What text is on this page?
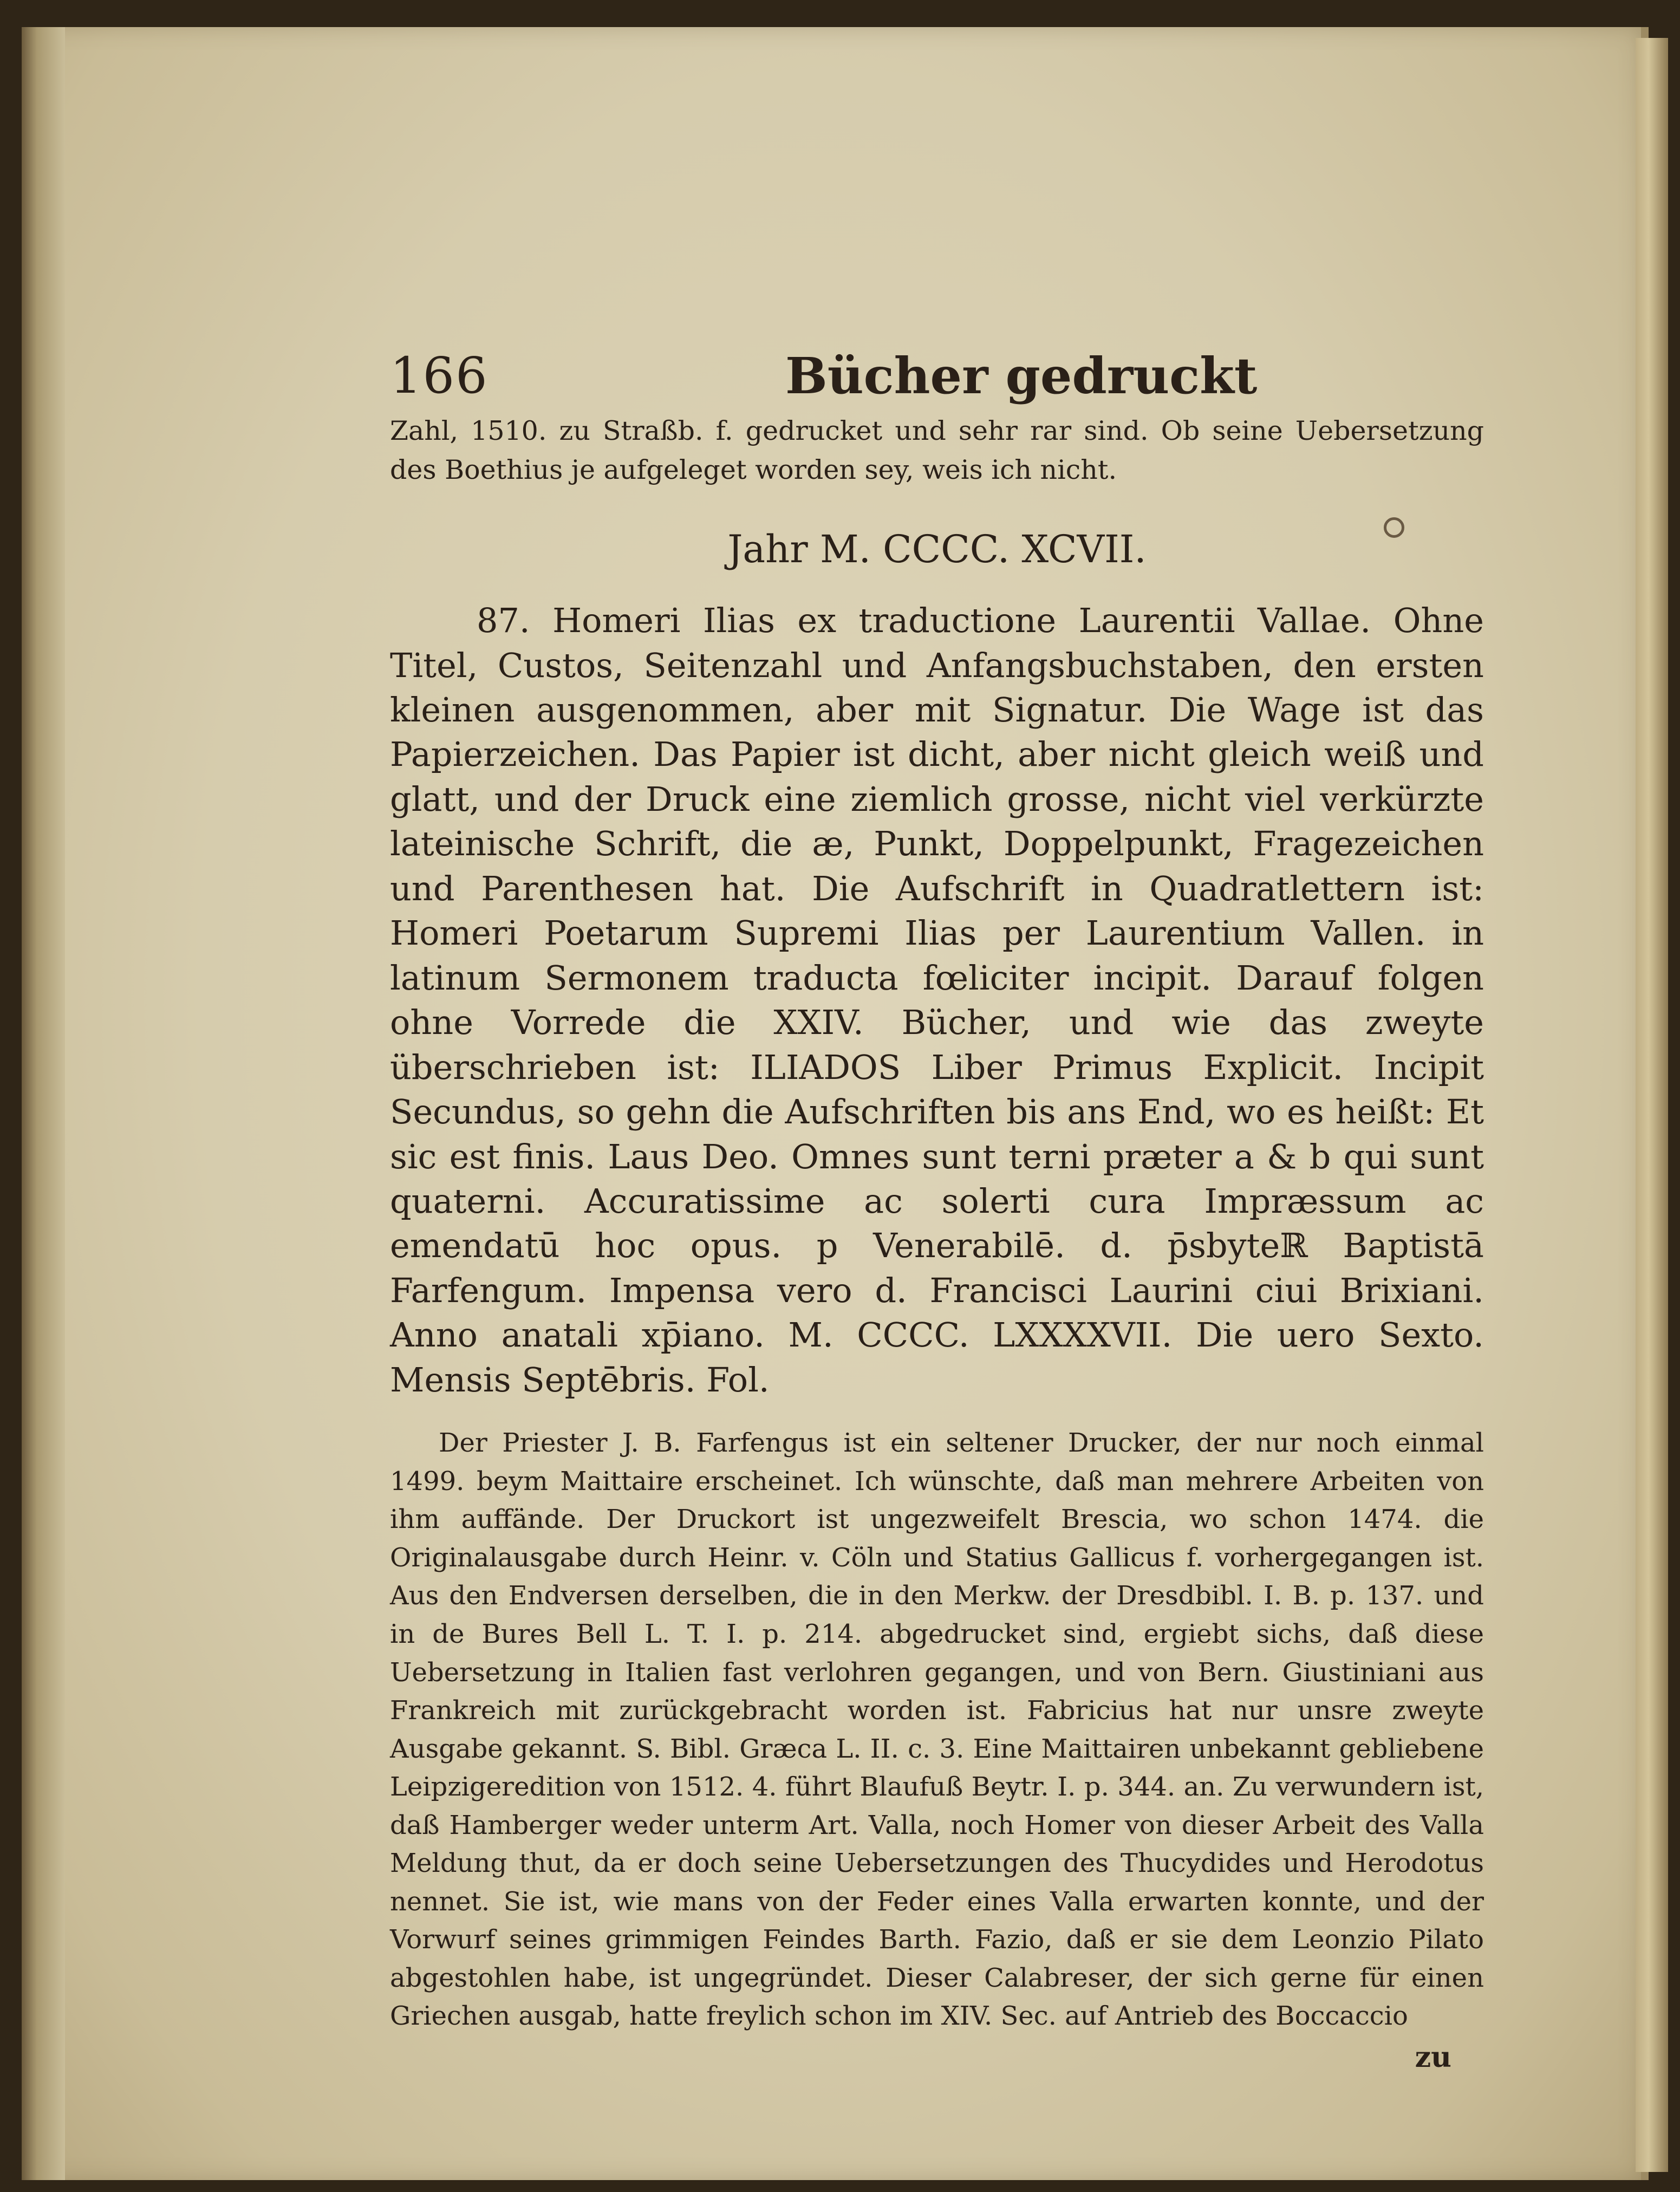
166	Bücher gedruckt

Zahl, 1510. zu Straßb. f. gedrucket und sehr rar sind. Ob seine Uebersetzung des Boethius je aufgeleget worden sey, weis ich nicht.

Jahr M. CCCC. XCVII.

87. Homeri Ilias ex traductione Laurentii Vallae. Ohne Titel, Custos, Seitenzahl und Anfangsbuchstaben, den ersten kleinen ausgenommen, aber mit Signatur. Die Wage ist das Papierzeichen. Das Papier ist dicht, aber nicht gleich weiß und glatt, und der Druck eine ziemlich grosse, nicht viel verkürzte lateinische Schrift, die æ, Punkt, Doppelpunkt, Fragezeichen und Parenthesen hat. Die Aufschrift in Quadratlettern ist: Homeri Poetarum Supremi Ilias per Laurentium Vallen. in latinum Sermonem traducta fœliciter incipit. Darauf folgen ohne Vorrede die XXIV. Bücher, und wie das zweyte überschrieben ist: ILIADOS Liber Primus Explicit. Incipit Secundus, so gehn die Aufschriften bis ans End, wo es heißt: Et sic est finis. Laus Deo. Omnes sunt terni præter a & b qui sunt quaterni. Accuratissime ac solerti cura Impræssum ac emendatū hoc opus. p Venerabilē. d. p̄sbyteℝ Baptistā Farfengum. Impensa vero d. Francisci Laurini ciui Brixiani. Anno anatali xp̄iano. M. CCCC. LXXXXVII. Die uero Sexto. Mensis Septēbris. Fol.

Der Priester J. B. Farfengus ist ein seltener Drucker, der nur noch einmal 1499. beym Maittaire erscheinet. Ich wünschte, daß man mehrere Arbeiten von ihm auffände. Der Druckort ist ungezweifelt Brescia, wo schon 1474. die Originalausgabe durch Heinr. v. Cöln und Statius Gallicus f. vorhergegangen ist. Aus den Endversen derselben, die in den Merkw. der Dresdbibl. I. B. p. 137. und in de Bures Bell L. T. I. p. 214. abgedrucket sind, ergiebt sichs, daß diese Uebersetzung in Italien fast verlohren gegangen, und von Bern. Giustiniani aus Frankreich mit zurückgebracht worden ist. Fabricius hat nur unsre zweyte Ausgabe gekannt. S. Bibl. Græca L. II. c. 3. Eine Maittairen unbekannt gebliebene Leipzigeredition von 1512. 4. führt Blaufuß Beytr. I. p. 344. an. Zu verwundern ist, daß Hamberger weder unterm Art. Valla, noch Homer von dieser Arbeit des Valla Meldung thut, da er doch seine Uebersetzungen des Thucydides und Herodotus nennet. Sie ist, wie mans von der Feder eines Valla erwarten konnte, und der Vorwurf seines grimmigen Feindes Barth. Fazio, daß er sie dem Leonzio Pilato abgestohlen habe, ist ungegründet. Dieser Calabreser, der sich gerne für einen Griechen ausgab, hatte freylich schon im XIV. Sec. auf Antrieb des Boccaccio

zu
